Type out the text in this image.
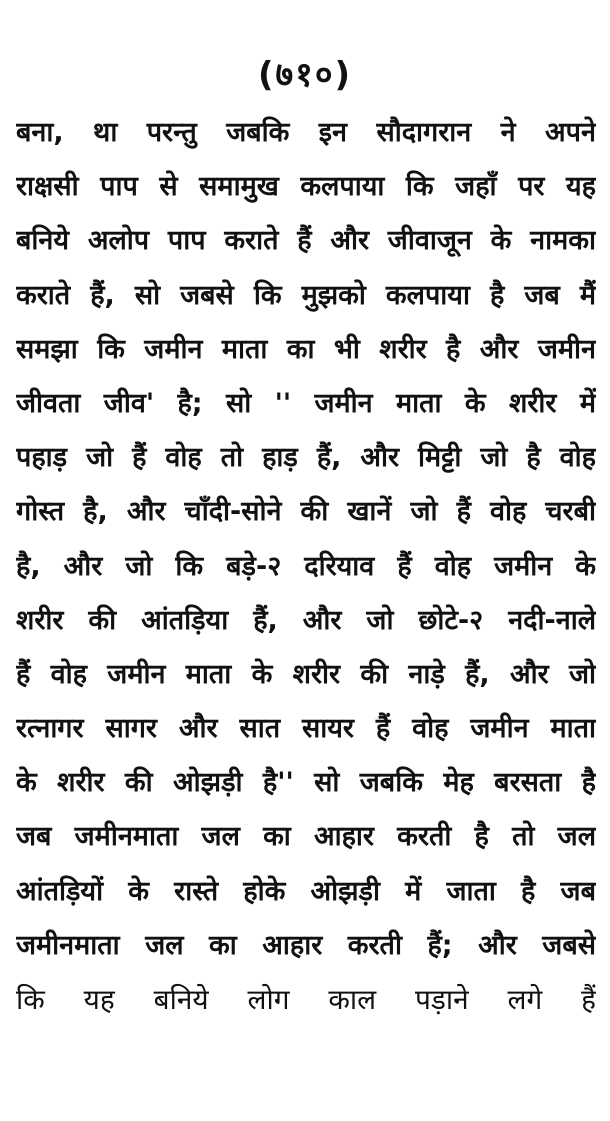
(७१०)
बना, था परन्तु जबकि इन सौदागरान ने अपने
राक्षसी पाप से समामुख कलपाया कि जहाँ पर यह
बनिये अलोप पाप कराते हैं और जीवाजून के नामका
कराते हैं, सो जबसे कि मुझको कलपाया है जब मैं
समझा कि जमीन माता का भी शरीर है और जमीन
जीवता जीव' है; सो '' जमीन माता के शरीर में
पहाड़ जो हैं वोह तो हाड़ हैं, और मिट्टी जो है वोह
गोस्त है, और चाँदी-सोने की खानें जो हैं वोह चरबी
है, और जो कि बड़े-२ दरियाव हैं वोह जमीन के
शरीर की आंतड़िया हैं, और जो छोटे-२ नदी-नाले
हैं वोह जमीन माता के शरीर की नाड़े हैं, और जो
रत्नागर सागर और सात सायर हैं वोह जमीन माता
के शरीर की ओझड़ी है'' सो जबकि मेह बरसता है
जब जमीनमाता जल का आहार करती है तो जल
आंतड़ियों के रास्ते होके ओझड़ी में जाता है जब
जमीनमाता जल का आहार करती हैं; और जबसे
कि यह बनिये लोग काल पड़ाने लगे हैं
